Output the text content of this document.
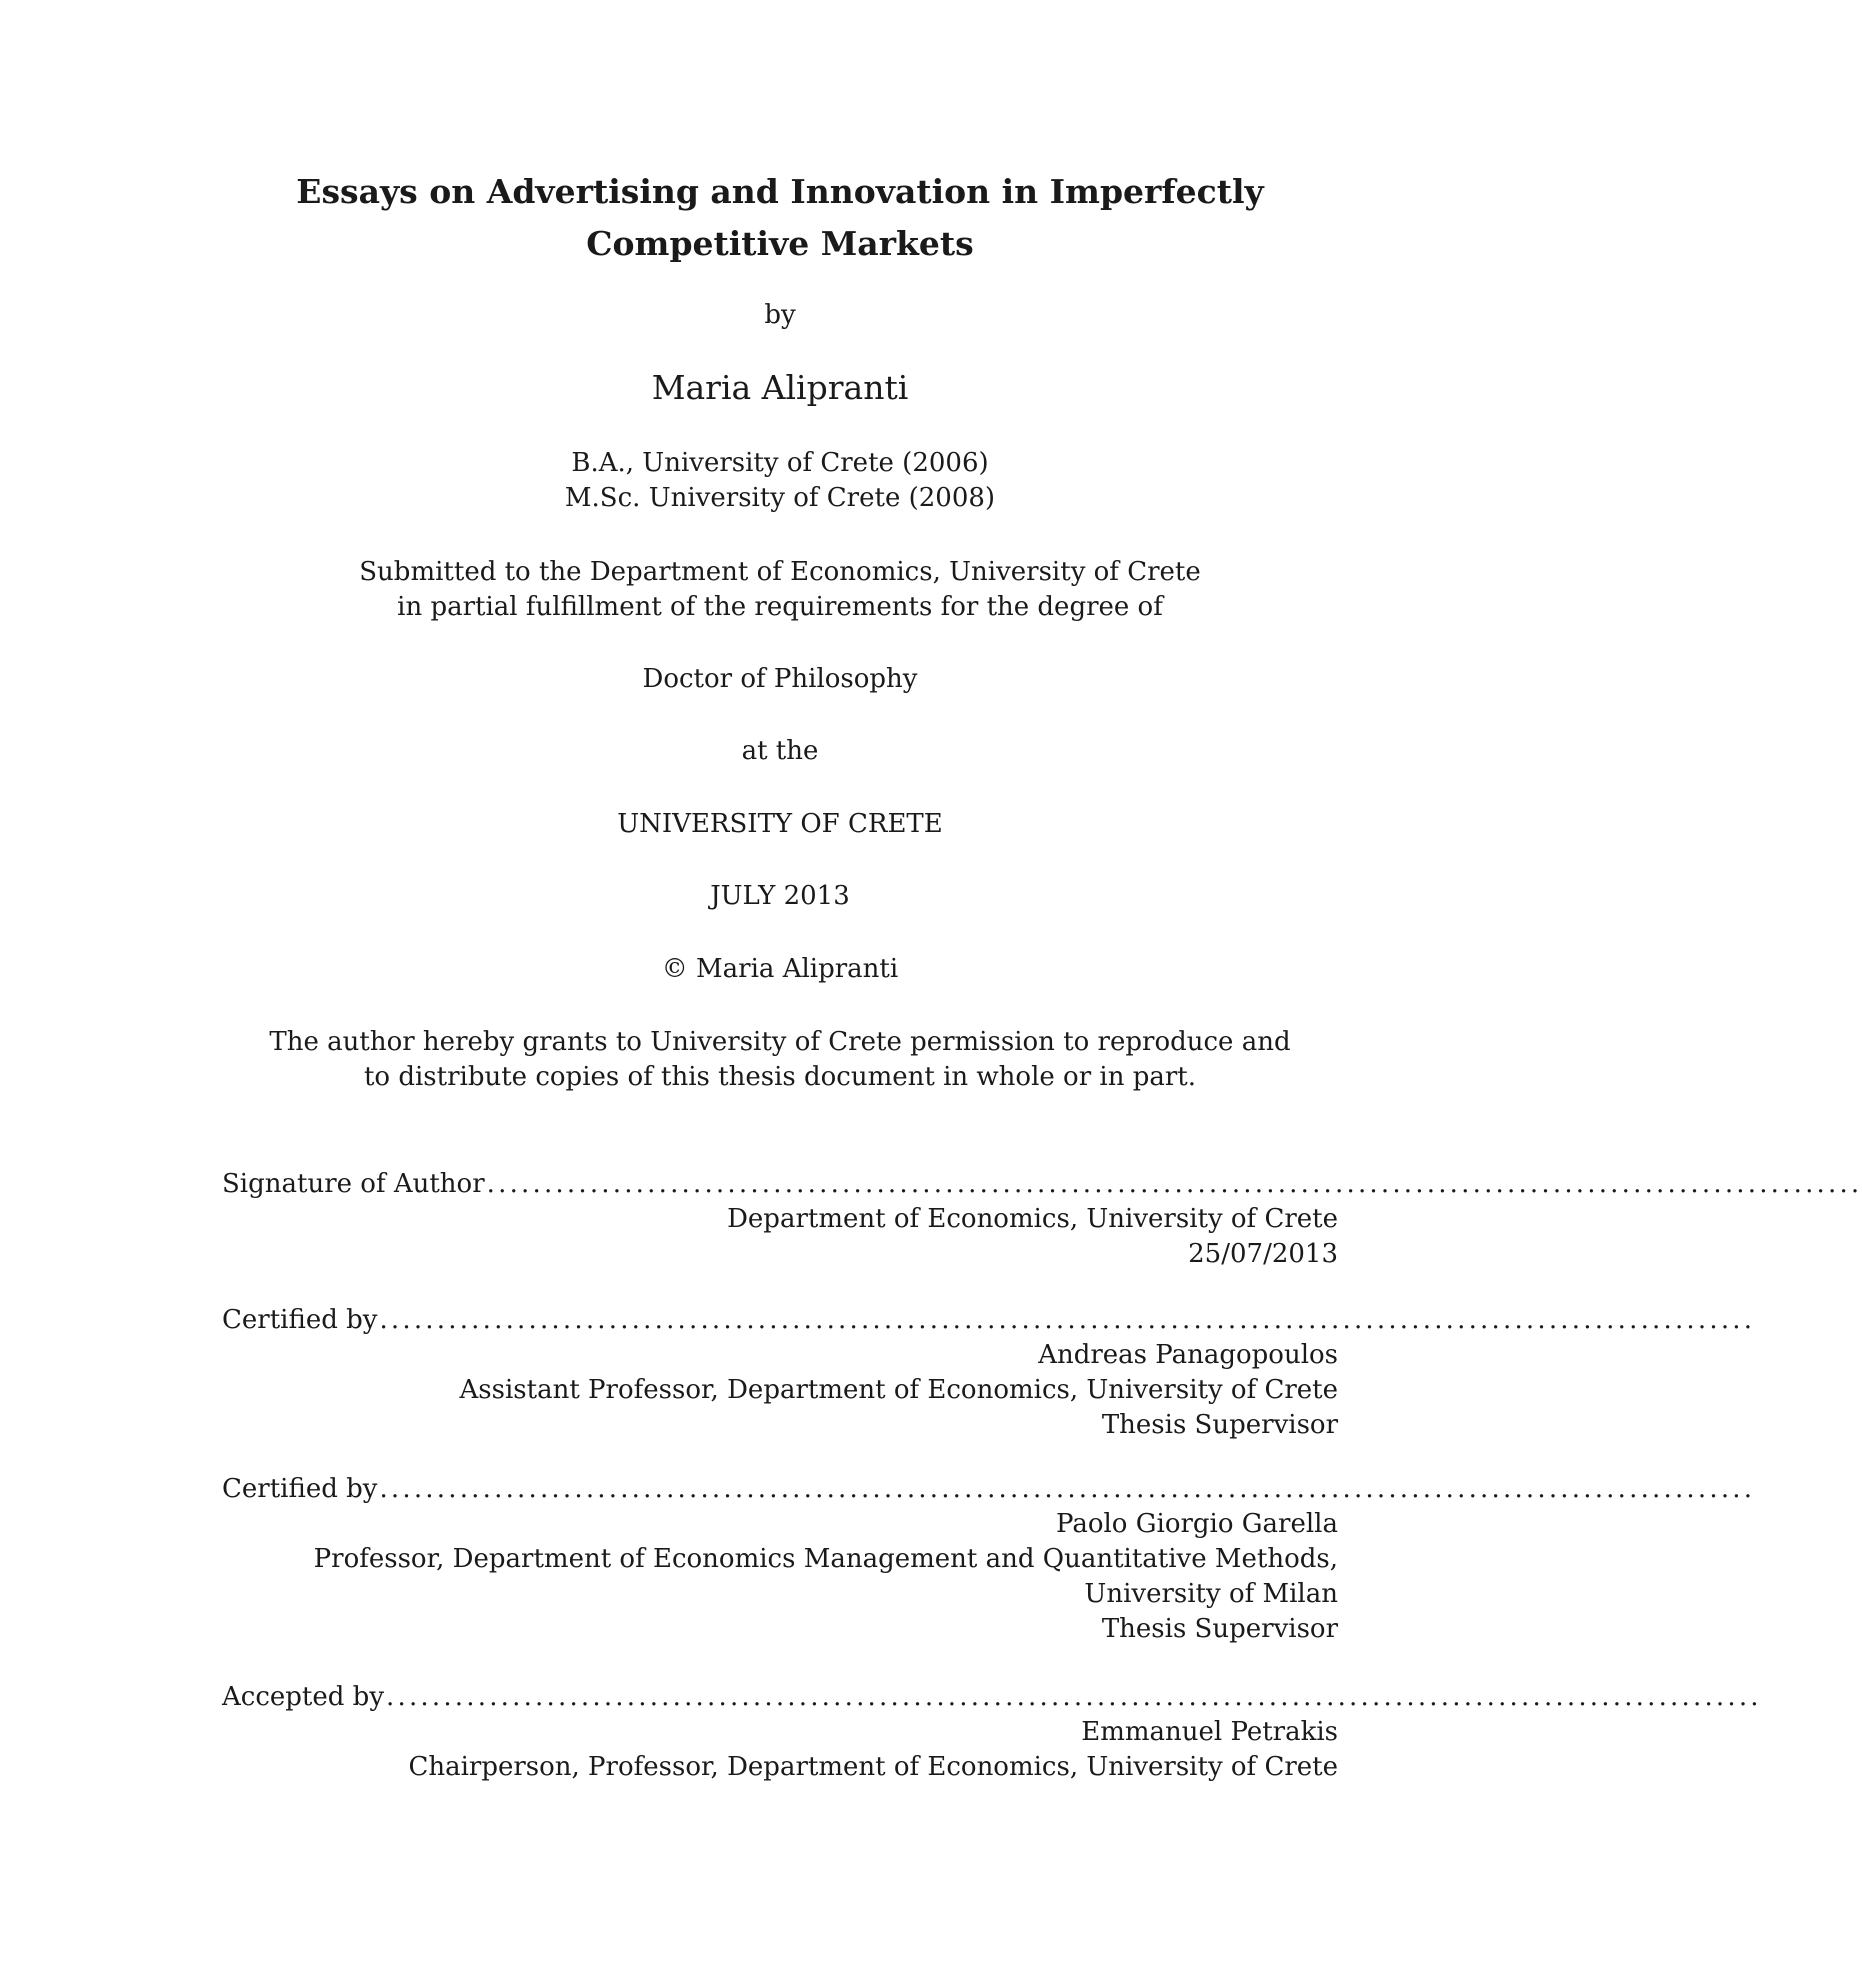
Essays on Advertising and Innovation in Imperfectly
Competitive Markets
by
Maria Alipranti
B.A., University of Crete (2006)
M.Sc. University of Crete (2008)
Submitted to the Department of Economics, University of Crete
in partial fulfillment of the requirements for the degree of
Doctor of Philosophy
at the
UNIVERSITY OF CRETE
JULY 2013
© Maria Alipranti
The author hereby grants to University of Crete permission to reproduce and
to distribute copies of this thesis document in whole or in part.
Signature of Author ........................................................................................................................
Department of Economics, University of Crete
25/07/2013
Certified by ........................................................................................................................
Andreas Panagopoulos
Assistant Professor, Department of Economics, University of Crete
Thesis Supervisor
Certified by ........................................................................................................................
Paolo Giorgio Garella
Professor, Department of Economics Management and Quantitative Methods,
University of Milan
Thesis Supervisor
Accepted by ........................................................................................................................
Emmanuel Petrakis
Chairperson, Professor, Department of Economics, University of Crete
